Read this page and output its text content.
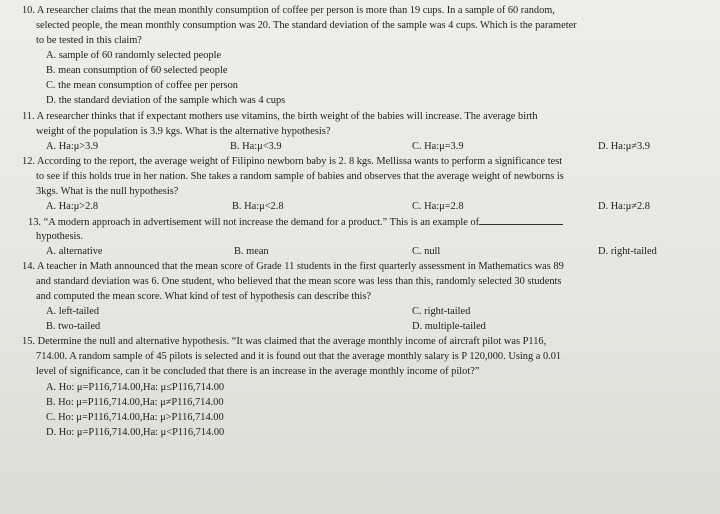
10. A researcher claims that the mean monthly consumption of coffee per person is more than 19 cups. In a sample of 60 random,
selected people, the mean monthly consumption was 20. The standard deviation of the sample was 4 cups. Which is the parameter
to be tested in this claim?
A. sample of 60 randomly selected people
B. mean consumption of 60 selected people
C. the mean consumption of coffee per person
D. the standard deviation of the sample which was 4 cups
11. A researcher thinks that if expectant mothers use vitamins, the birth weight of the babies will increase. The average birth
weight of the population is 3.9 kgs. What is the alternative hypothesis?
A. Ha:μ>3.9	B. Ha:μ<3.9	C. Ha:μ=3.9	D. Ha:μ≠3.9
12. According to the report, the average weight of Filipino newborn baby is 2. 8 kgs. Mellissa wants to perform a significance test
to see if this holds true in her nation. She takes a random sample of babies and observes that the average weight of newborns is
3kgs. What is the null hypothesis?
A. Ha:μ>2.8	B. Ha:μ<2.8	C. Ha:μ=2.8	D. Ha:μ≠2.8
13. “A modern approach in advertisement will not increase the demand for a product.” This is an example of
hypothesis.
A. alternative	B. mean	C. null	D. right-tailed
14. A teacher in Math announced that the mean score of Grade 11 students in the first quarterly assessment in Mathematics was 89
and standard deviation was 6. One student, who believed that the mean score was less than this, randomly selected 30 students
and computed the mean score. What kind of test of hypothesis can describe this?
A. left-tailed	C. right-tailed
B. two-tailed	D. multiple-tailed
15. Determine the null and alternative hypothesis. “It was claimed that the average monthly income of aircraft pilot was P116,
714.00. A random sample of 45 pilots is selected and it is found out that the average monthly salary is P 120,000. Using a 0.01
level of significance, can it be concluded that there is an increase in the average monthly income of pilot?”
A. Ho: μ=P116,714.00,Ha: μ≤P116,714.00
B. Ho: μ=P116,714.00,Ha: μ≠P116,714.00
C. Ho: μ=P116,714.00,Ha: μ>P116,714.00
D. Ho: μ=P116,714.00,Ha: μ<P116,714.00
